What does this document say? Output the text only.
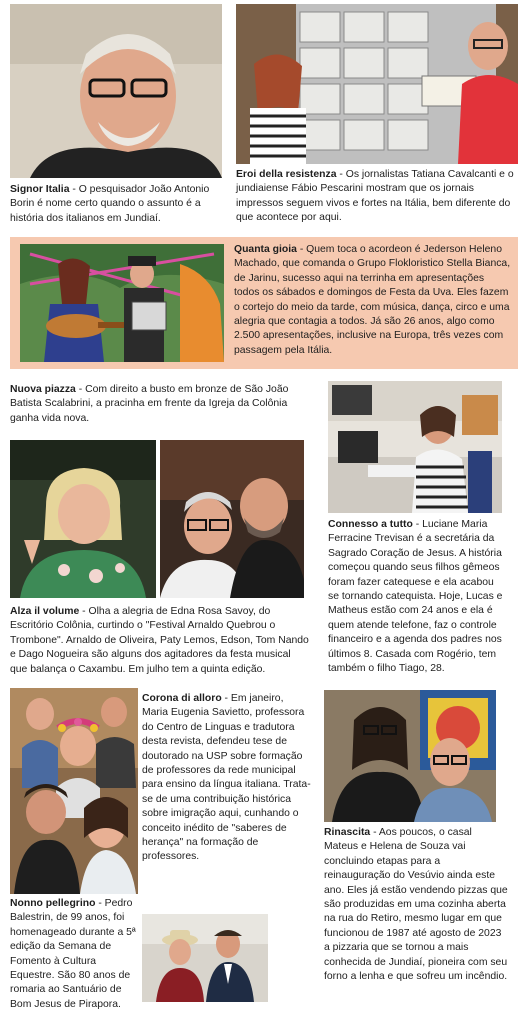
Signor Italia - O pesquisador João Antonio Borin é nome certo quando o assunto é a história dos italianos em Jundiaí.

Eroi della resistenza - Os jornalistas Tatiana Cavalcanti e o jundiaiense Fábio Pescarini mostram que os jornais impressos seguem vivos e fortes na Itália, bem diferente do que acontece por aqui.

Quanta gioia - Quem toca o acordeon é Jederson Heleno Machado, que comanda o Grupo Flokloristico Stella Bianca, de Jarinu, sucesso aqui na terrinha em apresentações todos os sábados e domingos de Festa da Uva. Eles fazem o cortejo do meio da tarde, com música, dança, circo e uma alegria que contagia a todos. Já são 26 anos, algo como 2.500 apresentações, inclusive na Europa, três vezes com passagem pela Itália.

Nuova piazza - Com direito a busto em bronze de São João Batista Scalabrini, a pracinha em frente da Igreja da Colônia ganha vida nova.

Alza il volume - Olha a alegria de Edna Rosa Savoy, do Escritório Colônia, curtindo o "Festival Arnaldo Quebrou o Trombone". Arnaldo de Oliveira, Paty Lemos, Edson, Tom Nando e Dago Nogueira são alguns dos agitadores da festa musical que balança o Caxambu. Em julho tem a quinta edição.

Connesso a tutto - Luciane Maria Ferracine Trevisan é a secretária da Sagrado Coração de Jesus. A história começou quando seus filhos gêmeos foram fazer catequese e ela acabou se tornando catequista. Hoje, Lucas e Matheus estão com 24 anos e ela é quem atende telefone, faz o controle financeiro e a agenda dos padres nos últimos 8. Casada com Rogério, tem também o filho Tiago, 28.

Corona di alloro - Em janeiro, Maria Eugenia Savietto, professora do Centro de Linguas e tradutora desta revista, defendeu tese de doutorado na USP sobre formação de professores da rede municipal para ensino da língua italiana. Trata-se de uma contribuição histórica sobre imigração aqui, cunhando o conceito inédito de "saberes de herança" na formação de professores.

Rinascita - Aos poucos, o casal Mateus e Helena de Souza vai concluindo etapas para a reinauguração do Vesúvio ainda este ano. Eles já estão vendendo pizzas que são produzidas em uma cozinha aberta na rua do Retiro, mesmo lugar em que funcionou de 1987 até agosto de 2023 a pizzaria que se tornou a mais conhecida de Jundiaí, pioneira com seu forno a lenha e que sofreu um incêndio.

Nonno pellegrino - Pedro Balestrin, de 99 anos, foi homenageado durante a 5ª edição da Semana de Fomento à Cultura Equestre. São 80 anos de romaria ao Santuário de Bom Jesus de Pirapora.
